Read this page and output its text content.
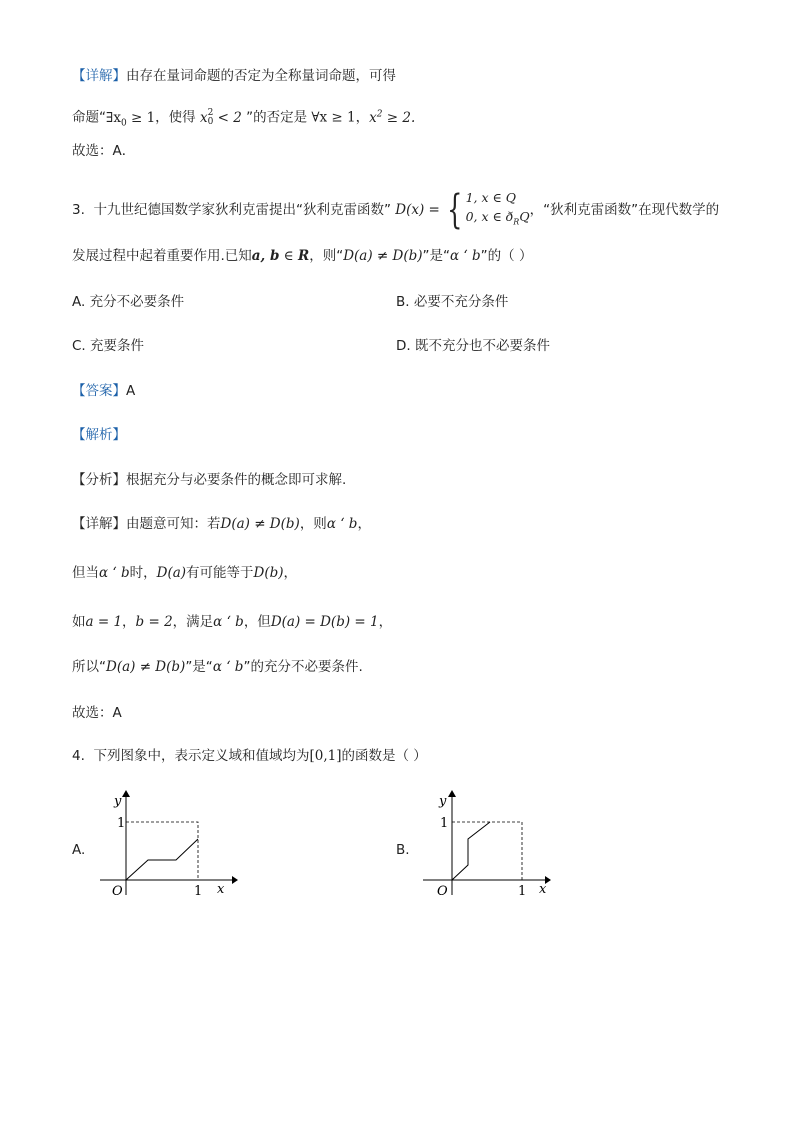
【详解】由存在量词命题的否定为全称量词命题，可得
命题“$\exists x_0 \ge 1$，使得 x 2
0 < 2 ”的否定是 ∀x ≥ 1，$x^2 \ge 2$.
故选：A．
3. 十九世纪德国数学家狄利克雷提出“狄利克雷函数” D(x) = { 1, x ∈ Q
0, x ∈ $ð_RQ$，“狄利克雷函数”在现代数学的
发展过程中起着重要作用.已知a, b ∈ R，则“D(a) ≠ D(b)”是“α ‘ b”的（ ）
A. 充分不必要条件	B. 必要不充分条件
C. 充要条件	D. 既不充分也不必要条件
【答案】A
【解析】
【分析】根据充分与必要条件的概念即可求解.
【详解】由题意可知：若D(a) ≠ D(b)，则α ‘ b，
但当α ‘ b时，D(a)有可能等于D(b)，
如a = 1，b = 2，满足α ‘ b，但D(a) = D(b) = 1，
所以“D(a) ≠ D(b)”是“α ‘ b”的充分不必要条件.
故选：A
4. 下列图象中，表示定义域和值域均为[0,1]的函数是（ ）
A.
y
x
O
1
1
B.
y
x
O
1
1
